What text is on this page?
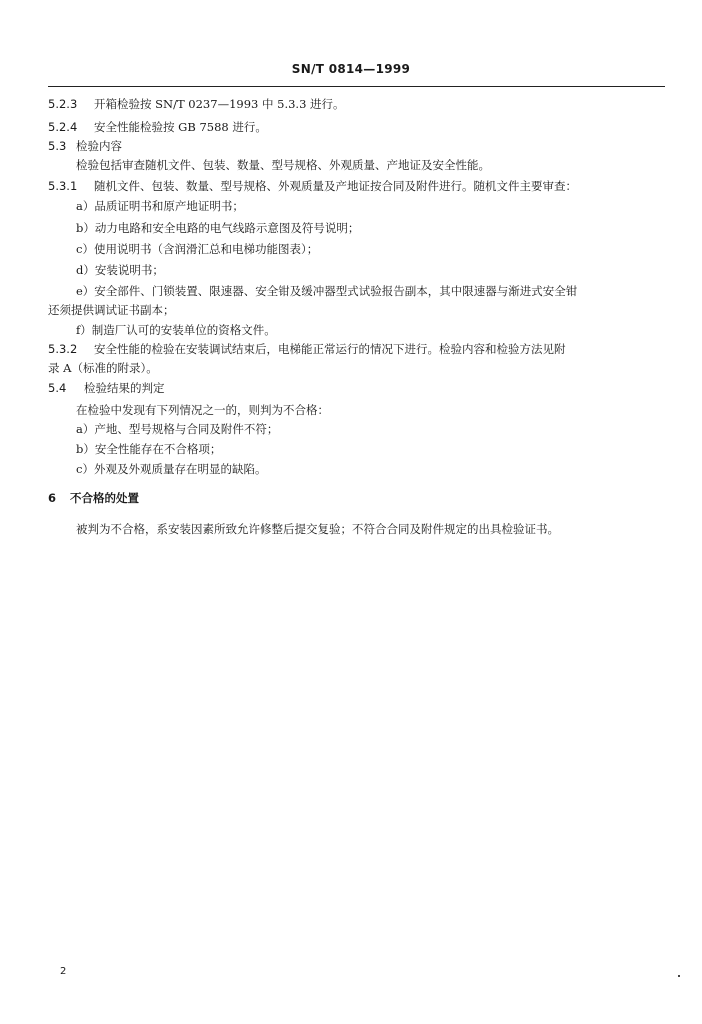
SN/T 0814—1999
5.2.3 开箱检验按 SN/T 0237—1993 中 5.3.3 进行。
5.2.4 安全性能检验按 GB 7588 进行。
5.3 检验内容
检验包括审查随机文件、包装、数量、型号规格、外观质量、产地证及安全性能。
5.3.1 随机文件、包装、数量、型号规格、外观质量及产地证按合同及附件进行。随机文件主要审查：
a）品质证明书和原产地证明书；
b）动力电路和安全电路的电气线路示意图及符号说明；
c）使用说明书（含润滑汇总和电梯功能图表）；
d）安装说明书；
e）安全部件、门锁装置、限速器、安全钳及缓冲器型式试验报告副本，其中限速器与渐进式安全钳
还须提供调试证书副本；
f）制造厂认可的安装单位的资格文件。
5.3.2 安全性能的检验在安装调试结束后，电梯能正常运行的情况下进行。检验内容和检验方法见附
录 A（标准的附录）。
5.4 检验结果的判定
在检验中发现有下列情况之一的，则判为不合格：
a）产地、型号规格与合同及附件不符；
b）安全性能存在不合格项；
c）外观及外观质量存在明显的缺陷。
6 不合格的处置
被判为不合格，系安装因素所致允许修整后提交复验；不符合合同及附件规定的出具检验证书。
2
